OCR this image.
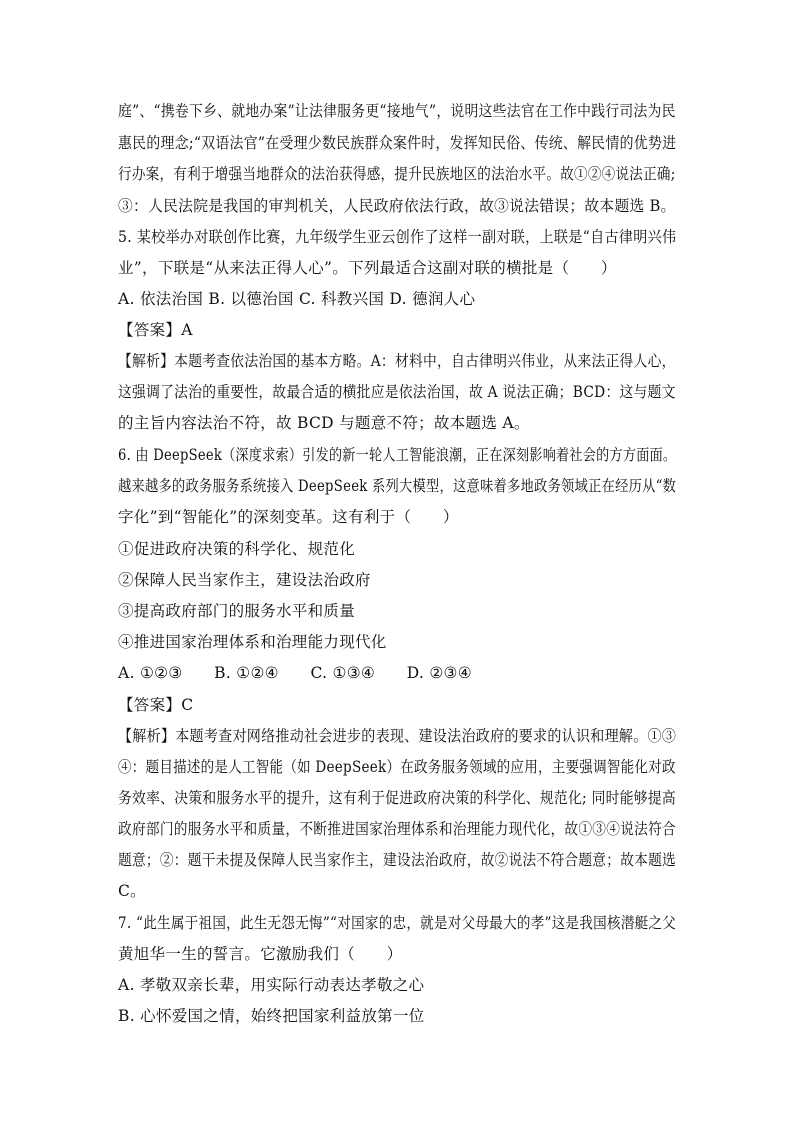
庭”、“携卷下乡、就地办案”让法律服务更“接地气”，说明这些法官在工作中践行司法为民
惠民的理念;“双语法官”在受理少数民族群众案件时，发挥知民俗、传统、解民情的优势进
行办案，有利于增强当地群众的法治获得感，提升民族地区的法治水平。故①②④说法正确;
③：人民法院是我国的审判机关，人民政府依法行政，故③说法错误；故本题选 B。
5. 某校举办对联创作比赛，九年级学生亚云创作了这样一副对联，上联是“自古律明兴伟
业”，下联是“从来法正得人心”。下列最适合这副对联的横批是（　　）
A. 依法治国 B. 以德治国 C. 科教兴国 D. 德润人心
【答案】A
【解析】本题考查依法治国的基本方略。A：材料中，自古律明兴伟业，从来法正得人心，
这强调了法治的重要性，故最合适的横批应是依法治国，故 A 说法正确；BCD：这与题文
的主旨内容法治不符，故 BCD 与题意不符；故本题选 A。
6. 由 DeepSeek（深度求索）引发的新一轮人工智能浪潮，正在深刻影响着社会的方方面面。
越来越多的政务服务系统接入 DeepSeek 系列大模型，这意味着多地政务领域正在经历从“数
字化”到“智能化”的深刻变革。这有利于（　　）
①促进政府决策的科学化、规范化
②保障人民当家作主，建设法治政府
③提高政府部门的服务水平和质量
④推进国家治理体系和治理能力现代化
A. ①②③　　B. ①②④　　C. ①③④　　D. ②③④
【答案】C
【解析】本题考查对网络推动社会进步的表现、建设法治政府的要求的认识和理解。①③
④：题目描述的是人工智能（如 DeepSeek）在政务服务领域的应用，主要强调智能化对政
务效率、决策和服务水平的提升，这有利于促进政府决策的科学化、规范化; 同时能够提高
政府部门的服务水平和质量，不断推进国家治理体系和治理能力现代化，故①③④说法符合
题意；②：题干未提及保障人民当家作主，建设法治政府，故②说法不符合题意；故本题选
C。
7. “此生属于祖国，此生无怨无悔”“对国家的忠，就是对父母最大的孝”这是我国核潜艇之父
黄旭华一生的誓言。它激励我们（　　）
A. 孝敬双亲长辈，用实际行动表达孝敬之心
B. 心怀爱国之情，始终把国家利益放第一位
